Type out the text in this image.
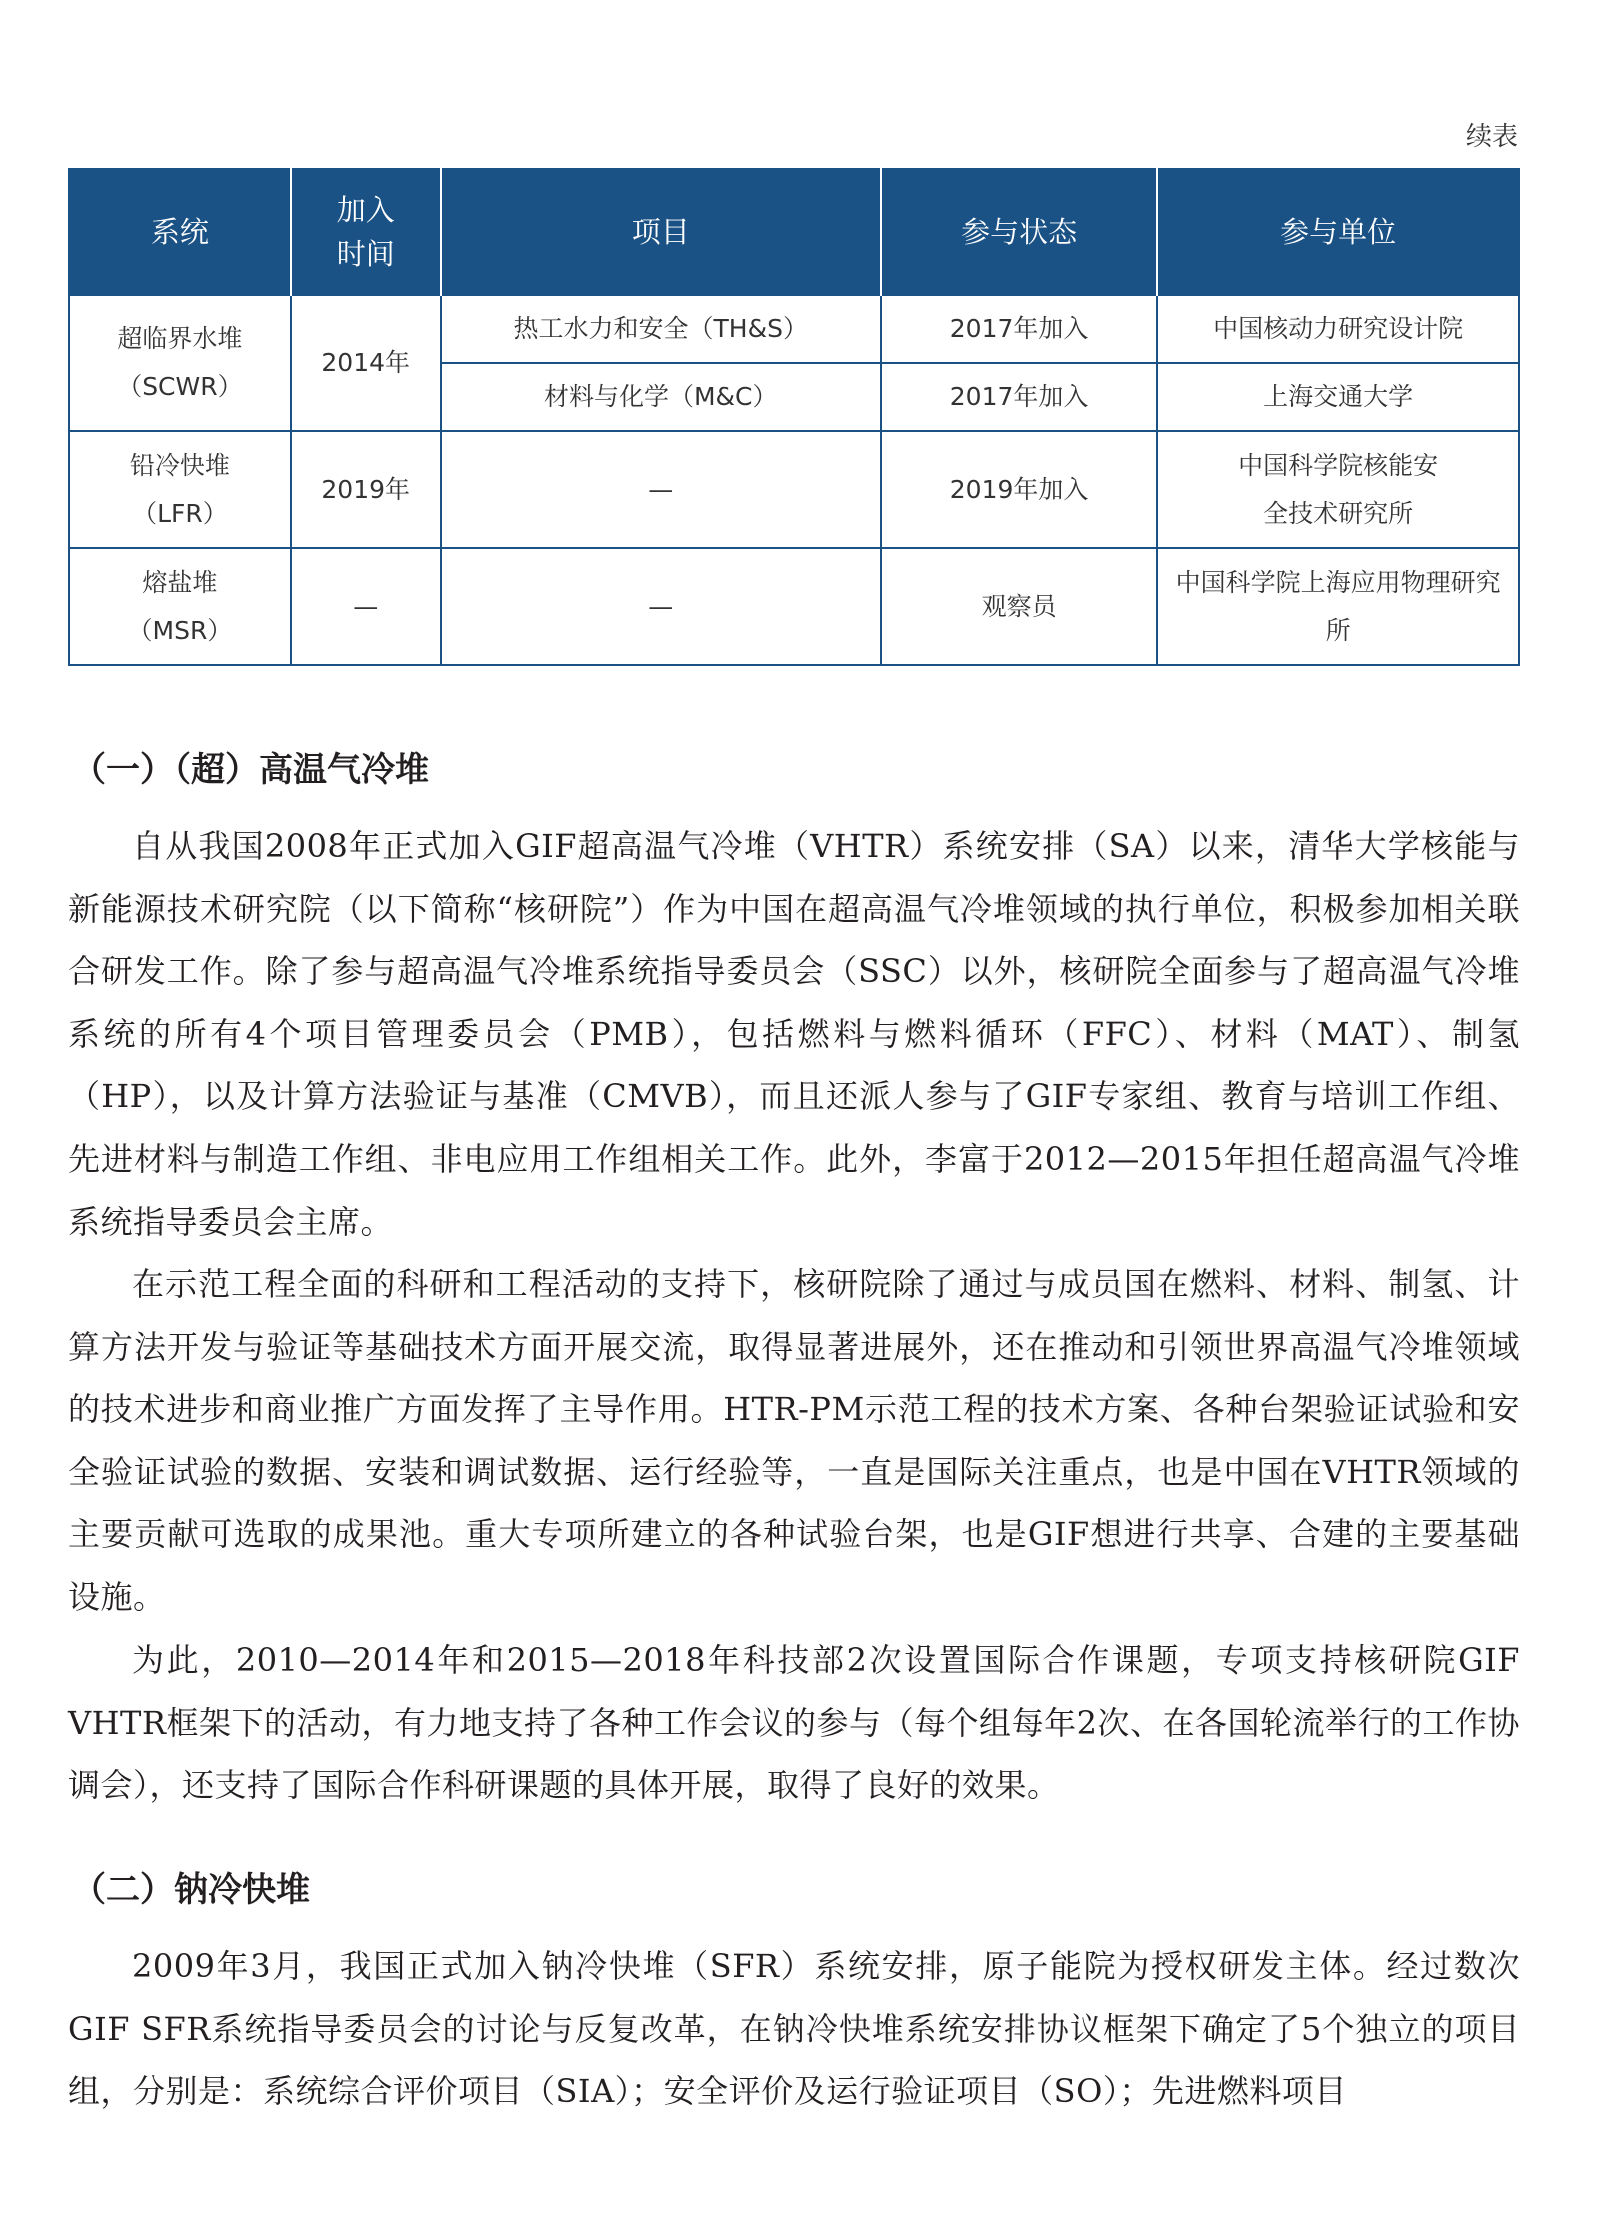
续表
系统	加入时间	项目	参与状态	参与单位

超临界水堆（SCWR）	2014年	热工水力和安全（TH&S）	2017年加入	中国核动力研究设计院
		材料与化学（M&C）	2017年加入	上海交通大学

铅冷快堆（LFR）	2019年	—	2019年加入	中国科学院核能安全技术研究所

熔盐堆（MSR）	—	—	观察员	中国科学院上海应用物理研究所
（一）（超）高温气冷堆

自从我国2008年正式加入GIF超高温气冷堆（VHTR）系统安排（SA）以来，清华大学核能与新能源技术研究院（以下简称“核研院”）作为中国在超高温气冷堆领域的执行单位，积极参加相关联合研发工作。除了参与超高温气冷堆系统指导委员会（SSC）以外，核研院全面参与了超高温气冷堆系统的所有4个项目管理委员会（PMB），包括燃料与燃料循环（FFC）、材料（MAT）、制氢（HP），以及计算方法验证与基准（CMVB），而且还派人参与了GIF专家组、教育与培训工作组、先进材料与制造工作组、非电应用工作组相关工作。此外，李富于2012—2015年担任超高温气冷堆系统指导委员会主席。

在示范工程全面的科研和工程活动的支持下，核研院除了通过与成员国在燃料、材料、制氢、计算方法开发与验证等基础技术方面开展交流，取得显著进展外，还在推动和引领世界高温气冷堆领域的技术进步和商业推广方面发挥了主导作用。HTR-PM示范工程的技术方案、各种台架验证试验和安全验证试验的数据、安装和调试数据、运行经验等，一直是国际关注重点，也是中国在VHTR领域的主要贡献可选取的成果池。重大专项所建立的各种试验台架，也是GIF想进行共享、合建的主要基础设施。

为此，2010—2014年和2015—2018年科技部2次设置国际合作课题，专项支持核研院GIF VHTR框架下的活动，有力地支持了各种工作会议的参与（每个组每年2次、在各国轮流举行的工作协调会），还支持了国际合作科研课题的具体开展，取得了良好的效果。

（二）钠冷快堆

2009年3月，我国正式加入钠冷快堆（SFR）系统安排，原子能院为授权研发主体。经过数次GIF SFR系统指导委员会的讨论与反复改革，在钠冷快堆系统安排协议框架下确定了5个独立的项目组，分别是：系统综合评价项目（SIA）；安全评价及运行验证项目（SO）；先进燃料项目
